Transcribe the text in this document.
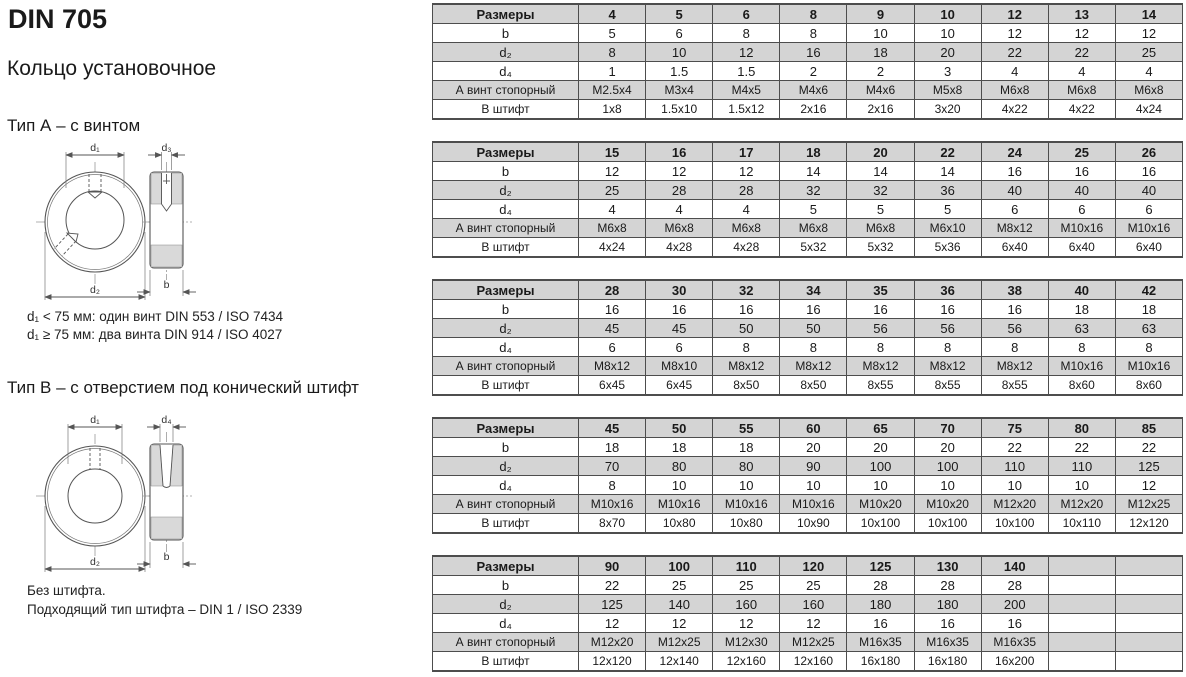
DIN 705
Кольцо установочное
Тип А – с винтом
d₁
d₂
d₃
b
d₁ < 75 мм: один винт DIN 553 / ISO 7434
d₁ ≥ 75 мм: два винта DIN 914 / ISO 4027
Тип B – с отверстием под конический штифт
d₁
d₂
d₄
b
Без штифта.
Подходящий тип штифта – DIN 1 / ISO 2339
Размеры	4	5	6	8	9	10	12	13	14
b	5	6	8	8	10	10	12	12	12
d₂	8	10	12	16	18	20	22	22	25
d₄	1	1.5	1.5	2	2	3	4	4	4
А винт стопорный	M2.5x4	M3x4	M4x5	M4x6	M4x6	M5x8	M6x8	M6x8	M6x8
В штифт	1x8	1.5x10	1.5x12	2x16	2x16	3x20	4x22	4x22	4x24
Размеры	15	16	17	18	20	22	24	25	26
b	12	12	12	14	14	14	16	16	16
d₂	25	28	28	32	32	36	40	40	40
d₄	4	4	4	5	5	5	6	6	6
А винт стопорный	M6x8	M6x8	M6x8	M6x8	M6x8	M6x10	M8x12	M10x16	M10x16
В штифт	4x24	4x28	4x28	5x32	5x32	5x36	6x40	6x40	6x40
Размеры	28	30	32	34	35	36	38	40	42
b	16	16	16	16	16	16	16	18	18
d₂	45	45	50	50	56	56	56	63	63
d₄	6	6	8	8	8	8	8	8	8
А винт стопорный	M8x12	M8x10	M8x12	M8x12	M8x12	M8x12	M8x12	M10x16	M10x16
В штифт	6x45	6x45	8x50	8x50	8x55	8x55	8x55	8x60	8x60
Размеры	45	50	55	60	65	70	75	80	85
b	18	18	18	20	20	20	22	22	22
d₂	70	80	80	90	100	100	110	110	125
d₄	8	10	10	10	10	10	10	10	12
А винт стопорный	M10x16	M10x16	M10x16	M10x16	M10x20	M10x20	M12x20	M12x20	M12x25
В штифт	8x70	10x80	10x80	10x90	10x100	10x100	10x100	10x110	12x120
Размеры	90	100	110	120	125	130	140		
b	22	25	25	25	28	28	28		
d₂	125	140	160	160	180	180	200		
d₄	12	12	12	12	16	16	16		
А винт стопорный	M12x20	M12x25	M12x30	M12x25	M16x35	M16x35	M16x35		
В штифт	12x120	12x140	12x160	12x160	16x180	16x180	16x200		
